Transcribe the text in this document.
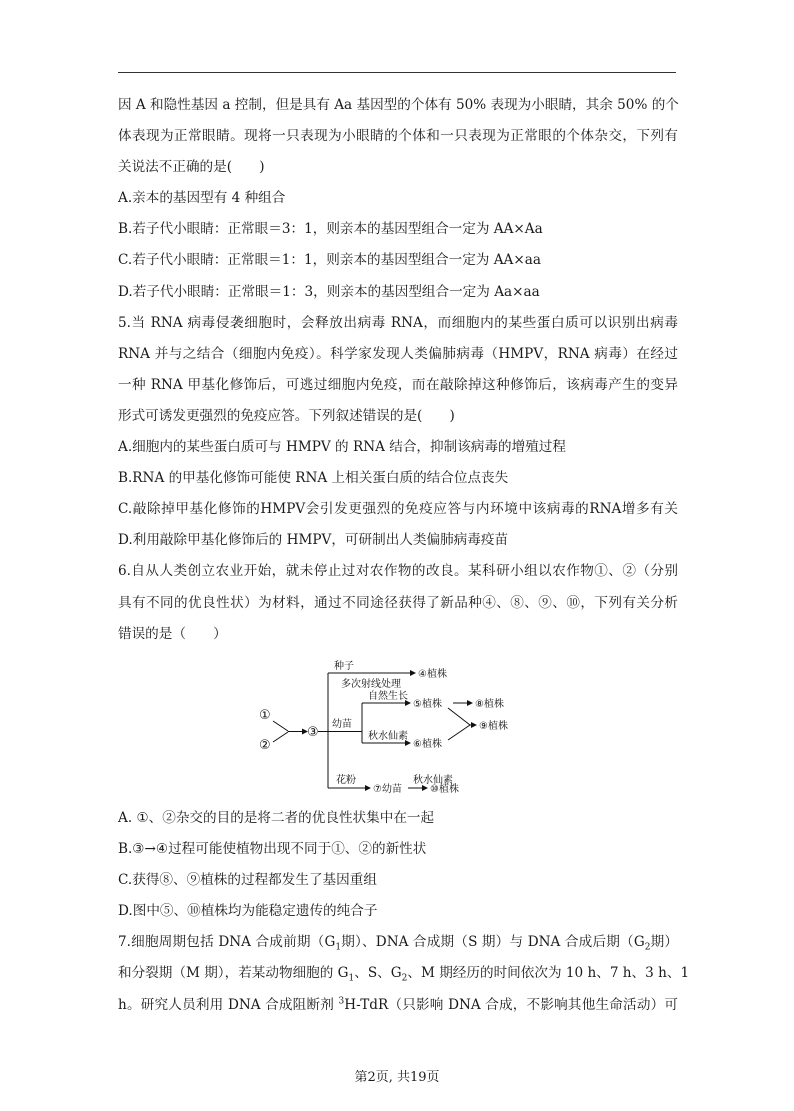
因 A 和隐性基因 a 控制，但是具有 Aa 基因型的个体有 50% 表现为小眼睛，其余 50% 的个
体表现为正常眼睛。现将一只表现为小眼睛的个体和一只表现为正常眼的个体杂交，下列有
关说法不正确的是(　　)
A.亲本的基因型有 4 种组合
B.若子代小眼睛：正常眼＝3：1，则亲本的基因型组合一定为 AA×Aa
C.若子代小眼睛：正常眼＝1：1，则亲本的基因型组合一定为 AA×aa
D.若子代小眼睛：正常眼＝1：3，则亲本的基因型组合一定为 Aa×aa
5.当 RNA 病毒侵袭细胞时，会释放出病毒 RNA，而细胞内的某些蛋白质可以识别出病毒
RNA 并与之结合（细胞内免疫）。科学家发现人类偏肺病毒（HMPV，RNA 病毒）在经过
一种 RNA 甲基化修饰后，可逃过细胞内免疫，而在敲除掉这种修饰后，该病毒产生的变异
形式可诱发更强烈的免疫应答。下列叙述错误的是(　　)
A.细胞内的某些蛋白质可与 HMPV 的 RNA 结合，抑制该病毒的增殖过程
B.RNA 的甲基化修饰可能使 RNA 上相关蛋白质的结合位点丧失
C.敲除掉甲基化修饰的HMPV会引发更强烈的免疫应答与内环境中该病毒的RNA增多有关
D.利用敲除甲基化修饰后的 HMPV，可研制出人类偏肺病毒疫苗
6.自从人类创立农业开始，就未停止过对农作物的改良。某科研小组以农作物①、②（分别
具有不同的优良性状）为材料，通过不同途径获得了新品种④、⑧、⑨、⑩，下列有关分析
错误的是（　　）
①
②
③
种子
多次射线处理
④植株
幼苗
自然生长
⑤植株	⑧植株
⑨植株
秋水仙素
⑥植株
花粉
⑦幼苗
秋水仙素
⑩植株
A. ①、②杂交的目的是将二者的优良性状集中在一起
B.③→④过程可能使植物出现不同于①、②的新性状
C.获得⑧、⑨植株的过程都发生了基因重组
D.图中⑤、⑩植株均为能稳定遗传的纯合子
7.细胞周期包括 DNA 合成前期（$G_1$期）、DNA 合成期（S 期）与 DNA 合成后期（$G_2$期）
和分裂期（M 期），若某动物细胞的 $G_1$、S、$G_2$、M 期经历的时间依次为 10 h、7 h、3 h、1
h。研究人员利用 DNA 合成阻断剂 $^3$H-TdR（只影响 DNA 合成，不影响其他生命活动）可
第2页, 共19页
